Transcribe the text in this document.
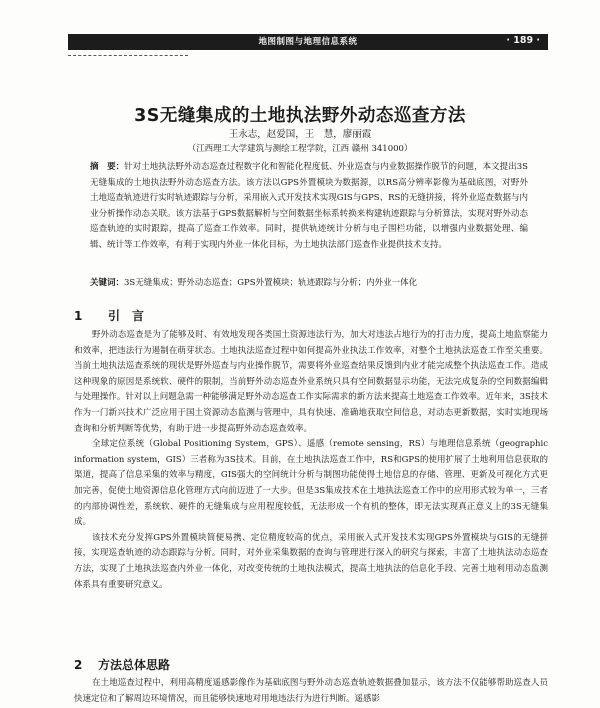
地图制图与地理信息系统	· 189 ·
3S无缝集成的土地执法野外动态巡查方法
王永志，赵爱国，王　慧，廖丽霞
（江西理工大学建筑与测绘工程学院，江西 赣州 341000）
摘　要：针对土地执法野外动态巡查过程数字化和智能化程度低、外业巡查与内业数据操作脱节的问题，本文提出3S无缝集成的土地执法野外动态巡查方法。该方法以GPS外置模块为数据源，以RS高分辨率影像为基础底图，对野外土地巡查轨迹进行实时轨迹跟踪与分析，采用嵌入式开发技术实现GIS与GPS、RS的无缝拼接，将外业巡查数据与内业分析操作动态关联。该方法基于GPS数据解析与空间数据坐标系转换来构建轨迹跟踪与分析算法，实现对野外动态巡查轨迹的实时跟踪，提高了巡查工作效率。同时，提供轨迹统计分析与电子围栏功能，以增强内业数据处理、编辑、统计等工作效率，有利于实现内外业一体化目标，为土地执法部门巡查作业提供技术支持。
关键词：3S无缝集成；野外动态巡查；GPS外置模块；轨迹跟踪与分析；内外业一体化
1 引　言

野外动态巡查是为了能够及时、有效地发现各类国土资源违法行为，加大对违法占地行为的打击力度，提高土地监察能力和效率，把违法行为遏制在萌芽状态。土地执法巡查过程中如何提高外业执法工作效率，对整个土地执法巡查工作至关重要。当前土地执法巡查系统的现状是野外巡查与内业操作脱节，需要将外业巡查结果反馈到内业才能完成整个执法巡查工作。造成这种现象的原因是系统软、硬件的限制，当前野外动态巡查外业系统只具有空间数据显示功能，无法完成复杂的空间数据编辑与处理操作。针对以上问题急需一种能够满足野外动态巡查工作实际需求的新方法来提高土地巡查工作效率。近年来，3S技术作为一门新兴技术广泛应用于国土资源动态监测与管理中，具有快速、准确地获取空间信息，对动态更新数据，实时实地现场查询和分析判断等优势，有助于进一步提高野外动态巡查效率。

全球定位系统（Global Positioning System，GPS）、遥感（remote sensing，RS）与地理信息系统（geographic information system，GIS）三者称为3S技术。目前，在土地执法巡查工作中，RS和GPS的使用扩展了土地利用信息获取的渠道，提高了信息采集的效率与精度，GIS强大的空间统计分析与制图功能使得土地信息的存储、管理、更新及可视化方式更加完善，促使土地资源信息化管理方式向前迈进了一大步。但是3S集成技术在土地执法巡查工作中的应用形式较为单一，三者的内部协调性差，系统软、硬件的无缝集成与应用程度较低，无法形成一个有机的整体，即无法实现真正意义上的3S无缝集成。

该技术充分发挥GPS外置模块简便易携、定位精度较高的优点，采用嵌入式开发技术实现GPS外置模块与GIS的无缝拼接，实现巡查轨迹的动态跟踪与分析。同时，对外业采集数据的查询与管理进行深入的研究与探索，丰富了土地执法动态巡查方法，实现了土地执法巡查内外业一体化，对改变传统的土地执法模式，提高土地执法的信息化手段、完善土地利用动态监测体系具有重要研究意义。

2 方法总体思路

在土地巡查过程中，利用高精度遥感影像作为基础底图与野外动态巡查轨迹数据叠加显示，该方法不仅能够帮助巡查人员快速定位和了解周边环境情况，而且能够快速地对用地违法行为进行判断。遥感影
